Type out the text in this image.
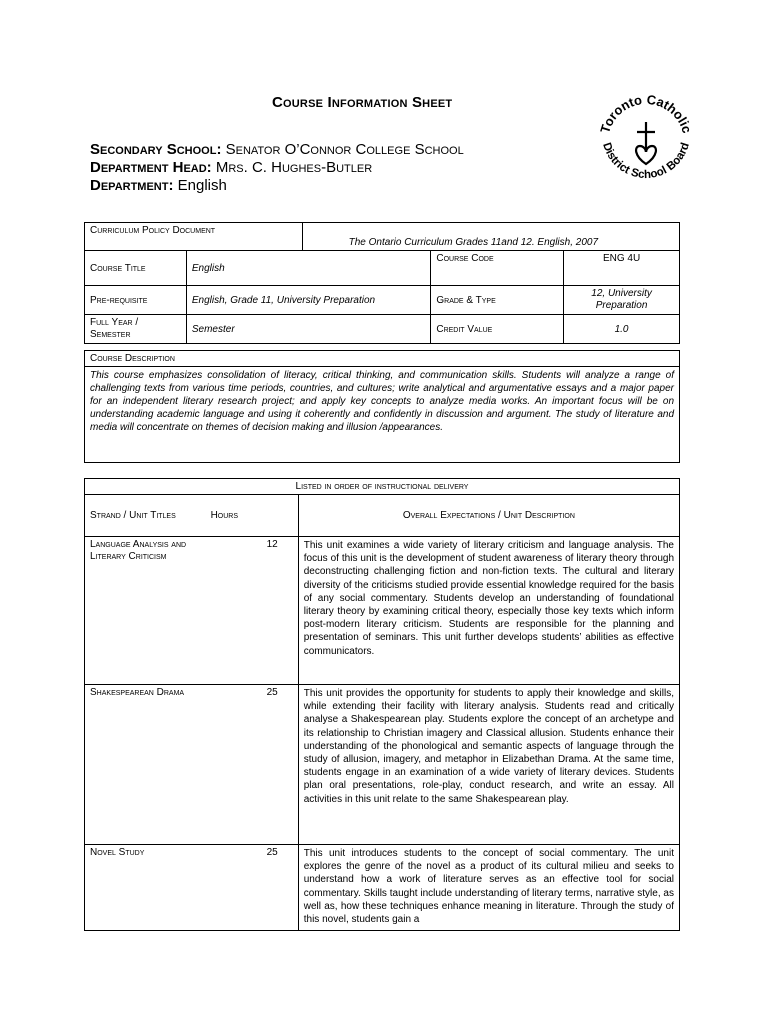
Course Information Sheet
Secondary School: Senator O’Connor College School
Department Head: Mrs. C. Hughes-Butler
Department: English
Toronto Catholic
District School Board
Curriculum Policy Document		The Ontario Curriculum Grades 11and 12. English, 2007		
Course Title	English		Course Code	ENG 4U
Pre-requisite	English, Grade 11, University Preparation		Grade & Type	12, University Preparation

Full Year /
Semester	Semester		Credit Value	1.0
Course Description
This course emphasizes consolidation of literacy, critical thinking, and communication skills. Students will analyze a range of challenging texts from various time periods, countries, and cultures; write analytical and argumentative essays and a major paper for an independent literary research project; and apply key concepts to analyze media works. An important focus will be on understanding academic language and using it coherently and confidently in discussion and argument. The study of literature and media will concentrate on themes of decision making and illusion /appearances.
Listed in order of instructional delivery		
Strand / Unit Titles Hours		Overall Expectations / Unit Description

Language Analysis and
Literary Criticism	12	This unit examines a wide variety of literary criticism and language analysis. The focus of this unit is the development of student awareness of literary theory through deconstructing challenging fiction and non-fiction texts. The cultural and literary diversity of the criticisms studied provide essential knowledge required for the basis of any social commentary. Students develop an understanding of foundational literary theory by examining critical theory, especially those key texts which inform post-modern literary criticism. Students are responsible for the planning and presentation of seminars. This unit further develops students’ abilities as effective communicators.

Shakespearean Drama	25	This unit provides the opportunity for students to apply their knowledge and skills, while extending their facility with literary analysis. Students read and critically analyse a Shakespearean play. Students explore the concept of an archetype and its relationship to Christian imagery and Classical allusion. Students enhance their understanding of the phonological and semantic aspects of language through the study of allusion, imagery, and metaphor in Elizabethan Drama. At the same time, students engage in an examination of a wide variety of literary devices. Students plan oral presentations, role-play, conduct research, and write an essay. All activities in this unit relate to the same Shakespearean play.

Novel Study	25	This unit introduces students to the concept of social commentary. The unit explores the genre of the novel as a product of its cultural milieu and seeks to understand how a work of literature serves as an effective tool for social commentary. Skills taught include understanding of literary terms, narrative style, as well as, how these techniques enhance meaning in literature. Through the study of this novel, students gain a
